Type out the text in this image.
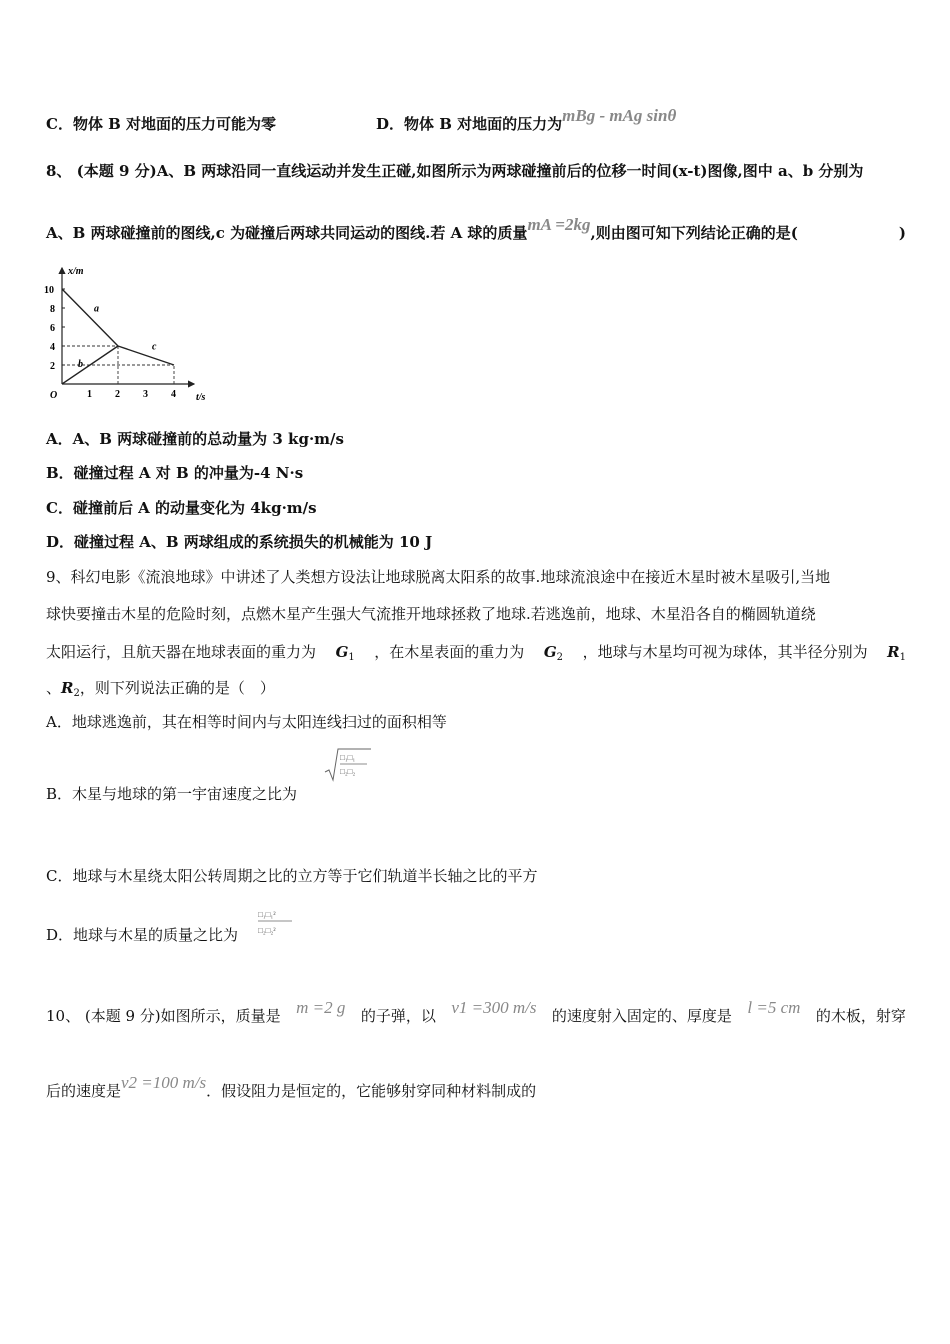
C．物体 B 对地面的压力可能为零	D．物体 B 对地面的压力为mBg - mAg sinθ
8、 (本题 9 分)A、B 两球沿同一直线运动并发生正碰,如图所示为两球碰撞前后的位移一时间(x-t)图像,图中 a、b 分别为
A、B 两球碰撞前的图线,c 为碰撞后两球共同运动的图线.若 A 球的质量mA =2kg,则由图可知下列结论正确的是(	)
a
b
c
1 2 3 4
2
4
6
8
10
x/m
t/s
O
A．A、B 两球碰撞前的总动量为 3 kg·m/s
B．碰撞过程 A 对 B 的冲量为-4 N·s
C．碰撞前后 A 的动量变化为 4kg·m/s
D．碰撞过程 A、B 两球组成的系统损失的机械能为 10 J
9、科幻电影《流浪地球》中讲述了人类想方设法让地球脱离太阳系的故事.地球流浪途中在接近木星时被木星吸引,当地
球快要撞击木星的危险时刻，点燃木星产生强大气流推开地球拯救了地球.若逃逸前，地球、木星沿各自的椭圆轨道绕
太阳运行，且航天器在地球表面的重力为 $G_1$ ，在木星表面的重力为 $G_2$ ，地球与木星均可视为球体，其半径分别为 $R_1$
、$R_2$，则下列说法正确的是（　）
A．地球逃逸前，其在相等时间内与太阳连线扫过的面积相等
B．木星与地球的第一宇宙速度之比为
□₁□₁
□₂□₂
C．地球与木星绕太阳公转周期之比的立方等于它们轨道半长轴之比的平方
D．地球与木星的质量之比为
□₁□₁²
□₂□₂²
10、 (本题 9 分)如图所示，质量是 m =2 g 的子弹，以 v1 =300 m/s 的速度射入固定的、厚度是 l =5 cm 的木板，射穿
后的速度是v2 =100 m/s．假设阻力是恒定的，它能够射穿同种材料制成的
